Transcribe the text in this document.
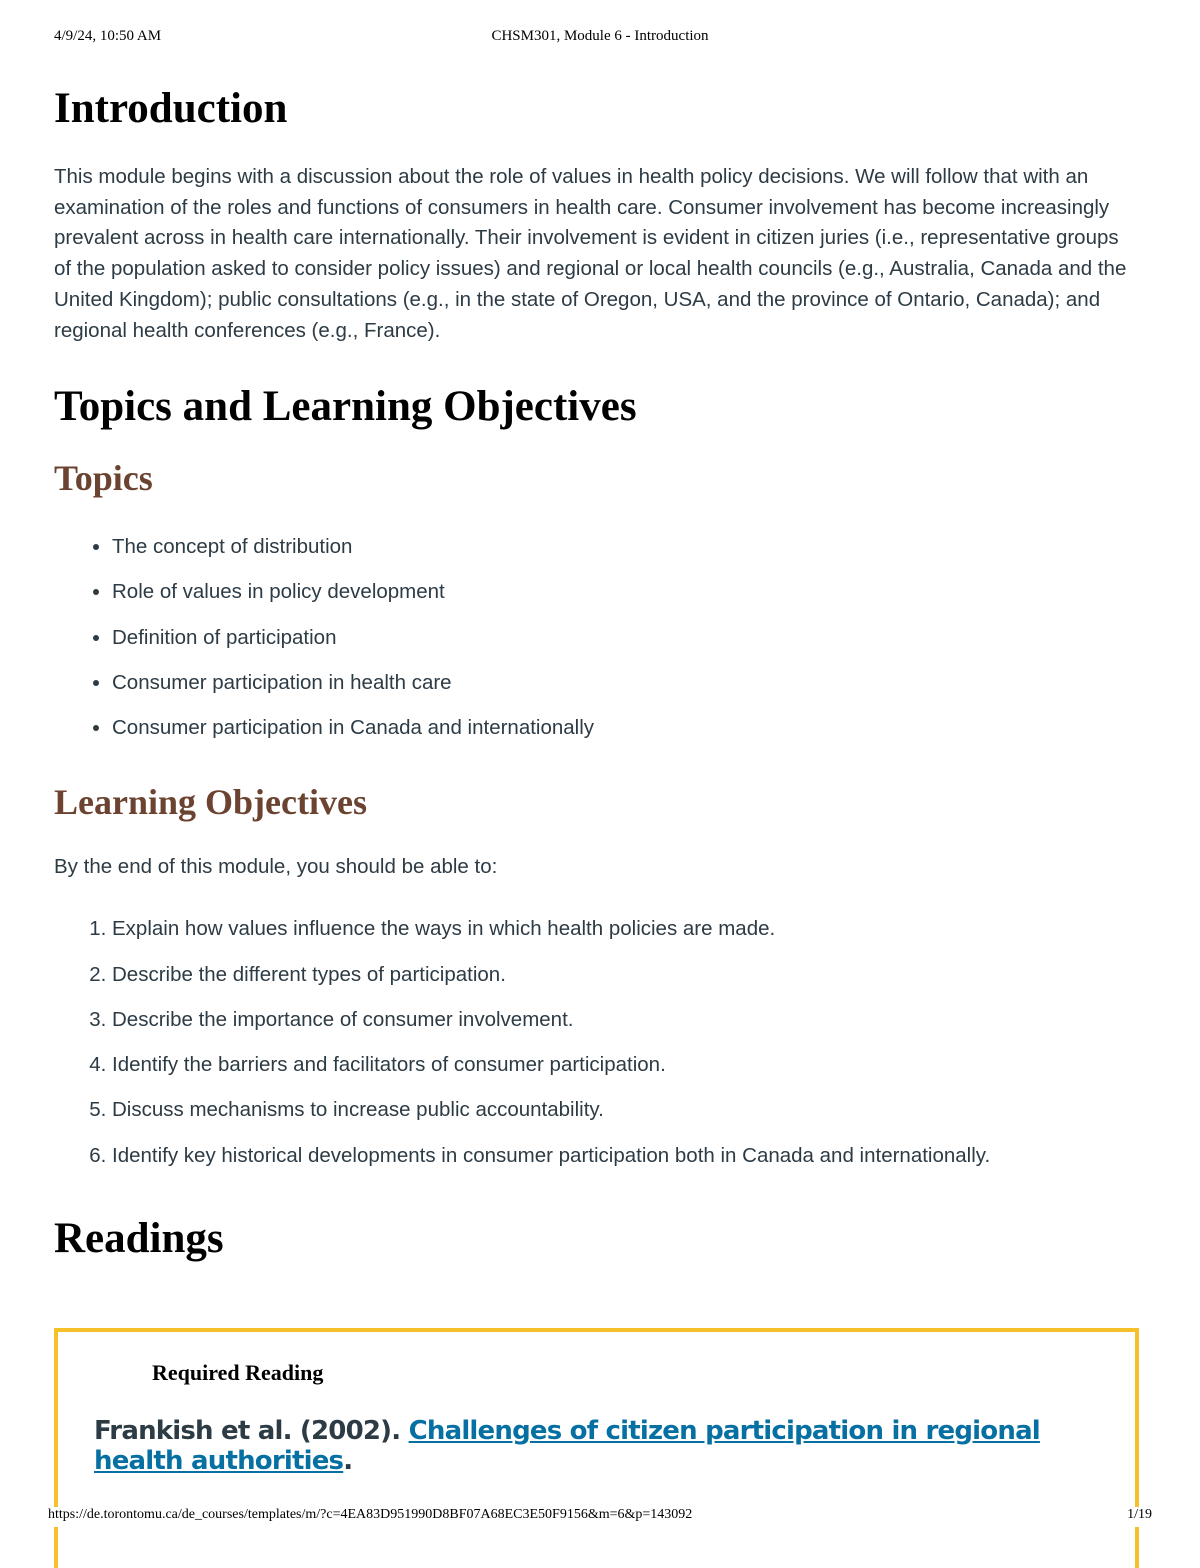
4/9/24, 10:50 AM	CHSM301, Module 6 - Introduction
Introduction

This module begins with a discussion about the role of values in health policy decisions. We will follow that with an examination of the roles and functions of consumers in health care. Consumer involvement has become increasingly prevalent across in health care internationally. Their involvement is evident in citizen juries (i.e., representative groups of the population asked to consider policy issues) and regional or local health councils (e.g., Australia, Canada and the United Kingdom); public consultations (e.g., in the state of Oregon, USA, and the province of Ontario, Canada); and regional health conferences (e.g., France).

Topics and Learning Objectives
Topics
• The concept of distribution
• Role of values in policy development
• Definition of participation
• Consumer participation in health care
• Consumer participation in Canada and internationally
Learning Objectives

By the end of this module, you should be able to:

1. Explain how values influence the ways in which health policies are made.
2. Describe the different types of participation.
3. Describe the importance of consumer involvement.
4. Identify the barriers and facilitators of consumer participation.
5. Discuss mechanisms to increase public accountability.
6. Identify key historical developments in consumer participation both in Canada and internationally.
Readings
Required Reading
Frankish et al. (2002). Challenges of citizen participation in regional health authorities.
https://de.torontomu.ca/de_courses/templates/m/?c=4EA83D951990D8BF07A68EC3E50F9156&m=6&p=143092	1/19
